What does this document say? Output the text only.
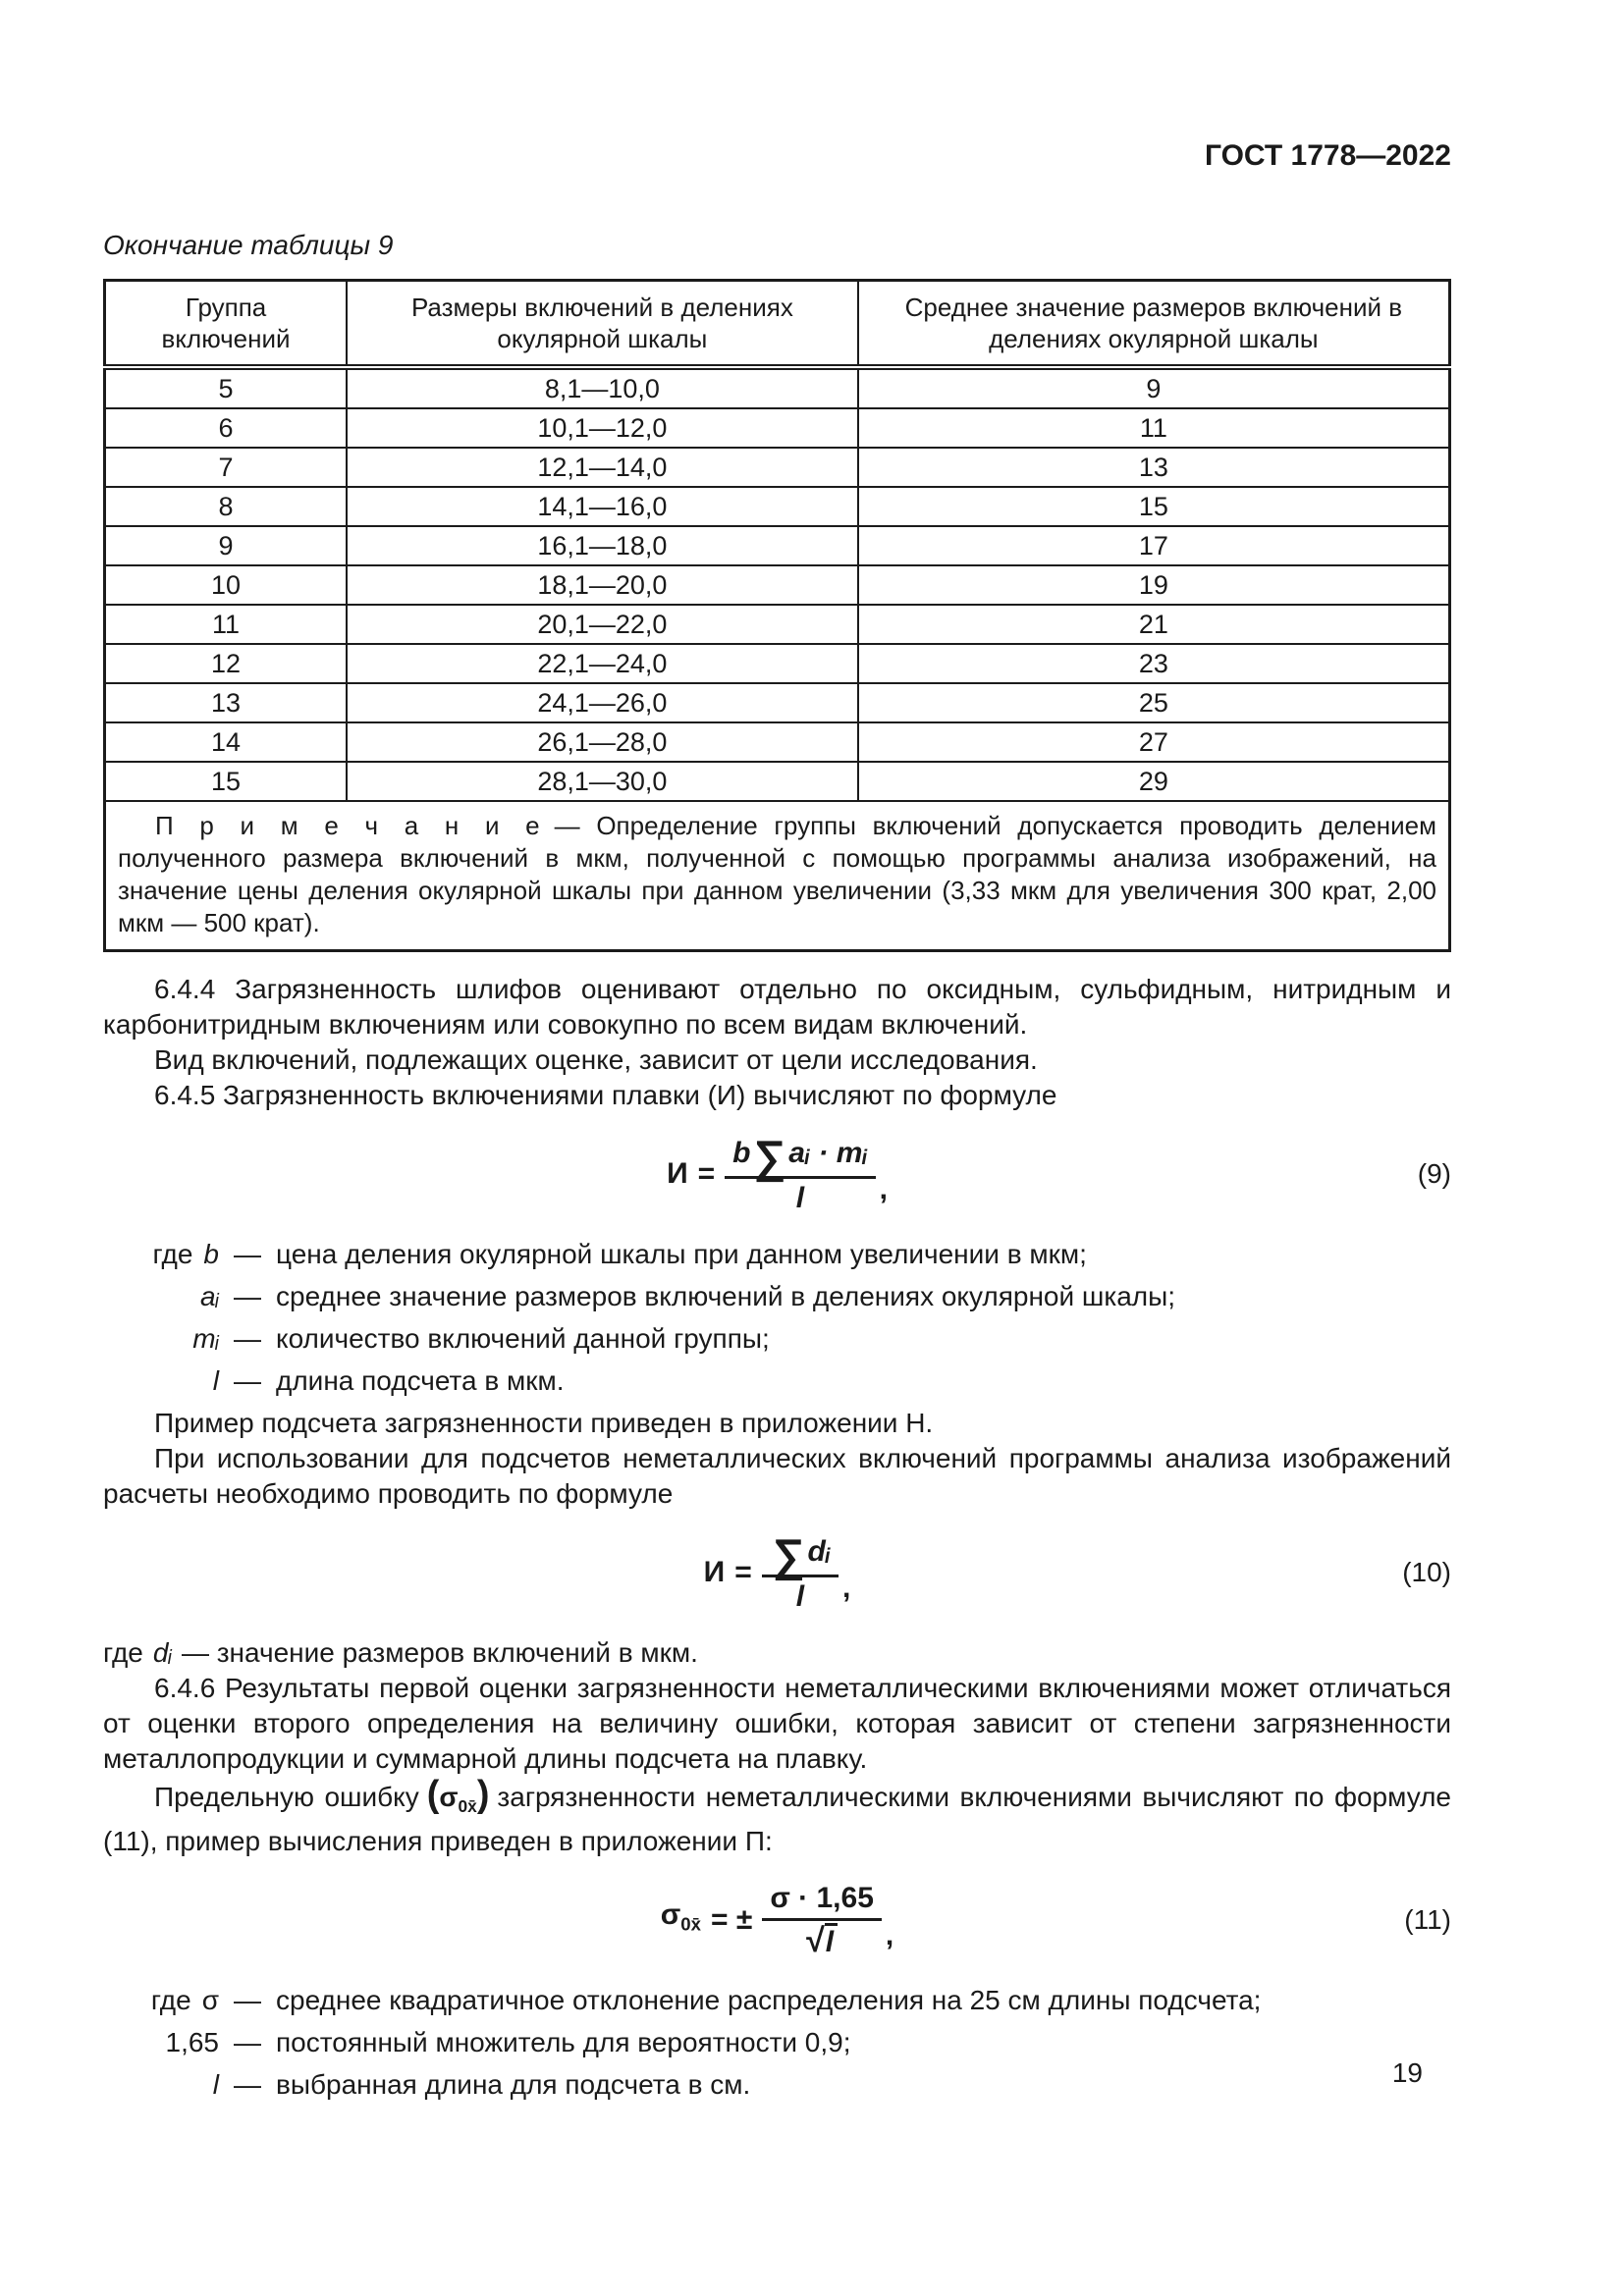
ГОСТ 1778—2022
Окончание таблицы 9
Группа включений	Размеры включений в делениях окулярной шкалы	Среднее значение размеров включений в делениях окулярной шкалы
5	8,1—10,0	9
6	10,1—12,0	11
7	12,1—14,0	13
8	14,1—16,0	15
9	16,1—18,0	17
10	18,1—20,0	19
11	20,1—22,0	21
12	22,1—24,0	23
13	24,1—26,0	25
14	26,1—28,0	27
15	28,1—30,0	29
П р и м е ч а н и е — Определение группы включений допускается проводить делением полученного размера включений в мкм, полученной с помощью программы анализа изображений, на значение цены деления окулярной шкалы при данном увеличении (3,33 мкм для увеличения 300 крат, 2,00 мкм — 500 крат).		

6.4.4 Загрязненность шлифов оценивают отдельно по оксидным, сульфидным, нитридным и карбонитридным включениям или совокупно по всем видам включений.

Вид включений, подлежащих оценке, зависит от цели исследования.

6.4.5 Загрязненность включениями плавки (И) вычисляют по формуле

$И = \frac{\text{b ∑ aᵢ · mᵢ}}{l}$ ,	(9)
где b — цена деления окулярной шкалы при данном увеличении в мкм;
aᵢ — среднее значение размеров включений в делениях окулярной шкалы;
mᵢ — количество включений данной группы;
l — длина подсчета в мкм.

Пример подсчета загрязненности приведен в приложении Н.

При использовании для подсчетов неметаллических включений программы анализа изображений расчеты необходимо проводить по формуле

$И = \frac{\text{∑ dᵢ}}{l}$ ,	(10)

где dᵢ — значение размеров включений в мкм.

6.4.6 Результаты первой оценки загрязненности неметаллическими включениями может отличаться от оценки второго определения на величину ошибки, которая зависит от степени загрязненности металлопродукции и суммарной длины подсчета на плавку.

Предельную ошибку $(\sigma_{0x̄})$ загрязненности неметаллическими включениями вычисляют по формуле (11), пример вычисления приведен в приложении П:

$\sigma_{0x̄}$ = ± $\frac{\sigma \cdot 1,65}{√l}$ ,	(11)
где σ — среднее квадратичное отклонение распределения на 25 см длины подсчета;
1,65 — постоянный множитель для вероятности 0,9;
l — выбранная длина для подсчета в см.	19
